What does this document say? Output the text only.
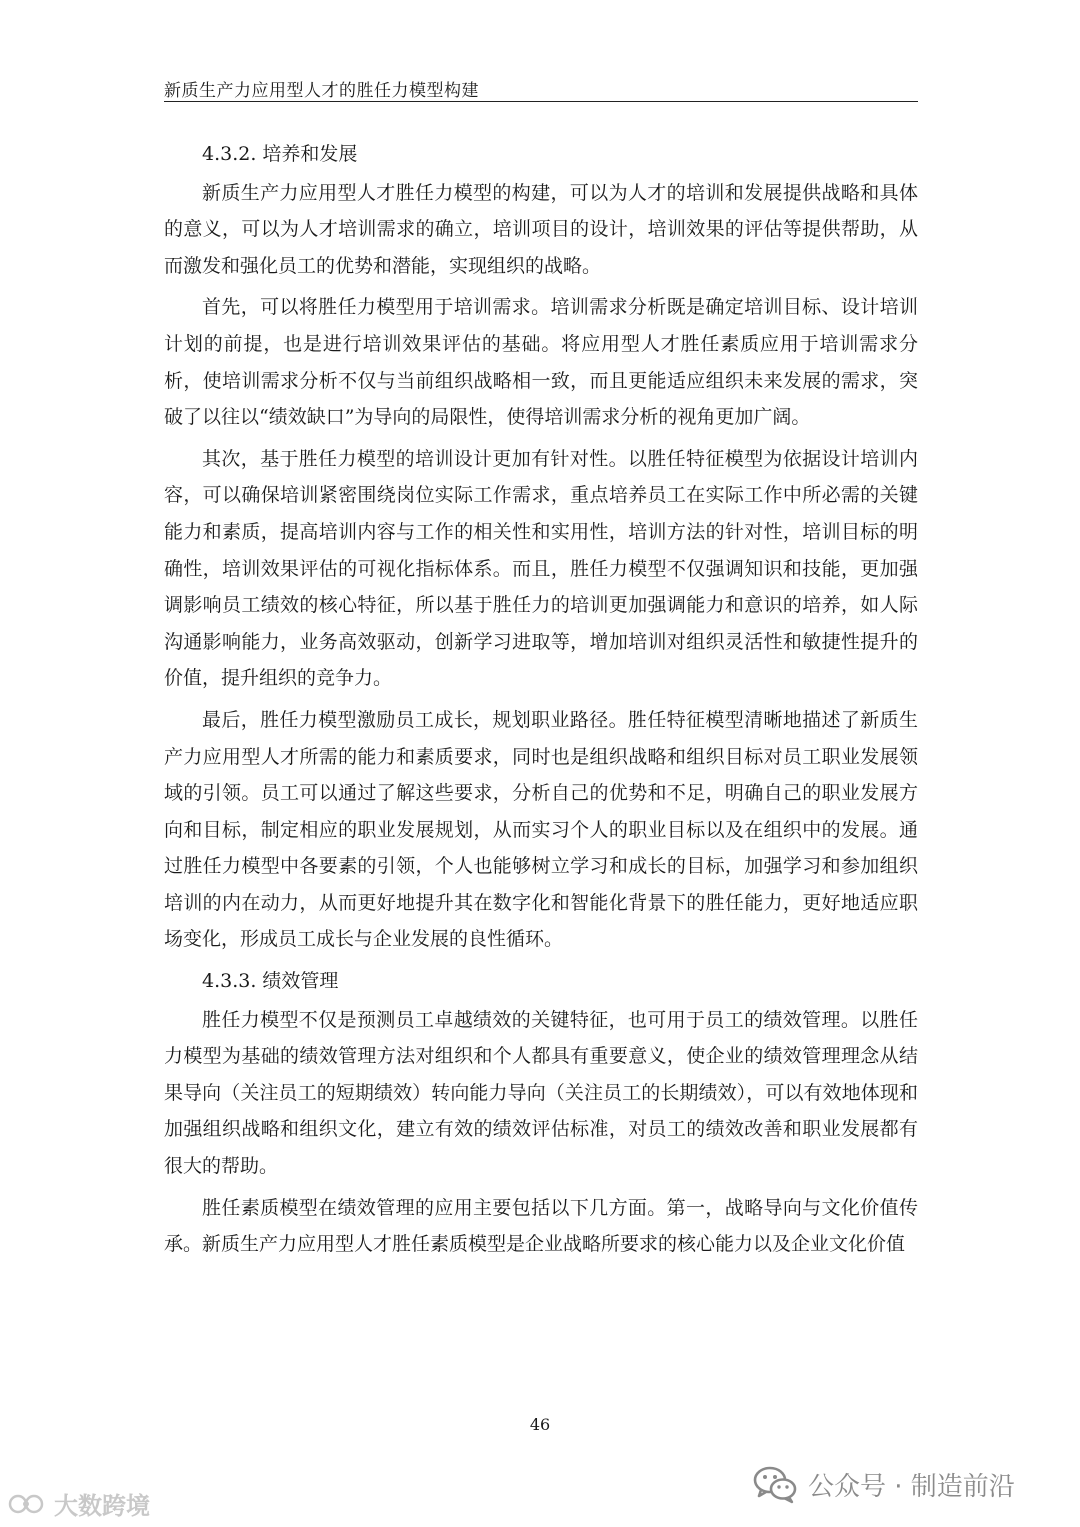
新质生产力应用型人才的胜任力模型构建

4.3.2. 培养和发展

新质生产力应用型人才胜任力模型的构建，可以为人才的培训和发展提供战略和具体的意义，可以为人才培训需求的确立，培训项目的设计，培训效果的评估等提供帮助，从而激发和强化员工的优势和潜能，实现组织的战略。

首先，可以将胜任力模型用于培训需求。培训需求分析既是确定培训目标、设计培训计划的前提，也是进行培训效果评估的基础。将应用型人才胜任素质应用于培训需求分析，使培训需求分析不仅与当前组织战略相一致，而且更能适应组织未来发展的需求，突破了以往以“绩效缺口”为导向的局限性，使得培训需求分析的视角更加广阔。

其次，基于胜任力模型的培训设计更加有针对性。以胜任特征模型为依据设计培训内容，可以确保培训紧密围绕岗位实际工作需求，重点培养员工在实际工作中所必需的关键能力和素质，提高培训内容与工作的相关性和实用性，培训方法的针对性，培训目标的明确性，培训效果评估的可视化指标体系。而且，胜任力模型不仅强调知识和技能，更加强调影响员工绩效的核心特征，所以基于胜任力的培训更加强调能力和意识的培养，如人际沟通影响能力，业务高效驱动，创新学习进取等，增加培训对组织灵活性和敏捷性提升的价值，提升组织的竞争力。

最后，胜任力模型激励员工成长，规划职业路径。胜任特征模型清晰地描述了新质生产力应用型人才所需的能力和素质要求，同时也是组织战略和组织目标对员工职业发展领域的引领。员工可以通过了解这些要求，分析自己的优势和不足，明确自己的职业发展方向和目标，制定相应的职业发展规划，从而实习个人的职业目标以及在组织中的发展。通过胜任力模型中各要素的引领，个人也能够树立学习和成长的目标，加强学习和参加组织培训的内在动力，从而更好地提升其在数字化和智能化背景下的胜任能力，更好地适应职场变化，形成员工成长与企业发展的良性循环。

4.3.3. 绩效管理

胜任力模型不仅是预测员工卓越绩效的关键特征，也可用于员工的绩效管理。以胜任力模型为基础的绩效管理方法对组织和个人都具有重要意义，使企业的绩效管理理念从结果导向（关注员工的短期绩效）转向能力导向（关注员工的长期绩效），可以有效地体现和加强组织战略和组织文化，建立有效的绩效评估标准，对员工的绩效改善和职业发展都有很大的帮助。

胜任素质模型在绩效管理的应用主要包括以下几方面。第一，战略导向与文化价值传承。新质生产力应用型人才胜任素质模型是企业战略所要求的核心能力以及企业文化价值

46
大数跨境
公众号 · 制造前沿
